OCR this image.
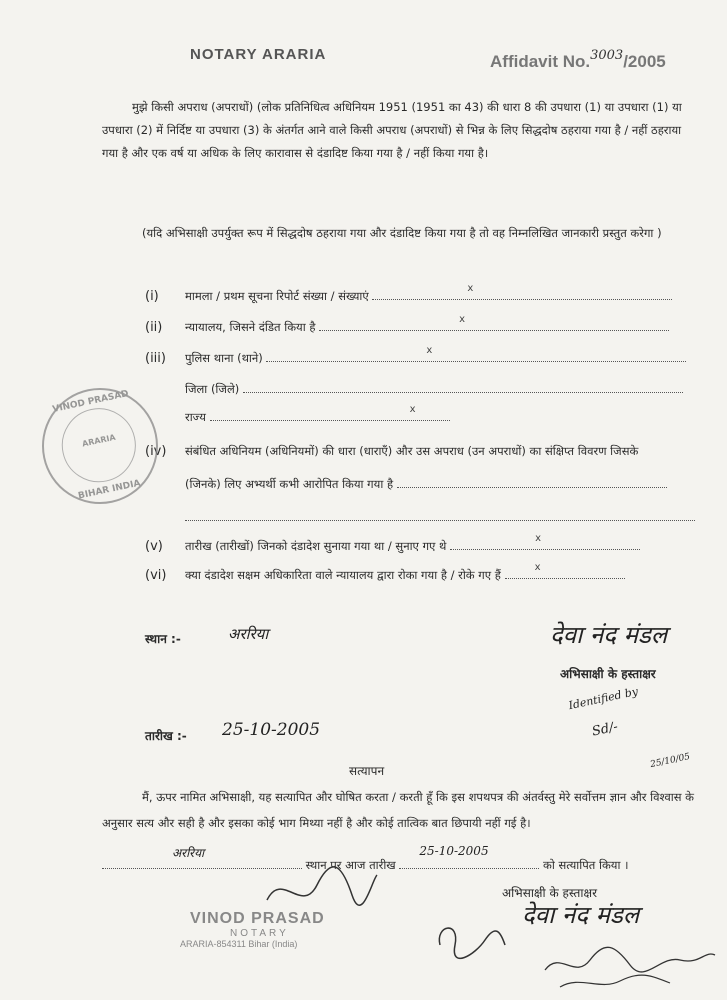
NOTARY ARARIA	Affidavit No.$^{3003}$/2005
मुझे किसी अपराध (अपराधों) (लोक प्रतिनिधित्व अधिनियम 1951 (1951 का 43) की धारा 8 की उपधारा (1) या उपधारा (1) या उपधारा (2) में निर्दिष्ट या उपधारा (3) के अंतर्गत आने वाले किसी अपराध (अपराधों) से भिन्न के लिए सिद्धदोष ठहराया गया है / नहीं ठहराया गया है और एक वर्ष या अधिक के लिए कारावास से दंडादिष्ट किया गया है / नहीं किया गया है।
(यदि अभिसाक्षी उपर्युक्त रूप में सिद्धदोष ठहराया गया और दंडादिष्ट किया गया है तो वह निम्नलिखित जानकारी प्रस्तुत करेगा )
(i) मामला / प्रथम सूचना रिपोर्ट संख्या / संख्याएं
x
(ii) न्यायालय, जिसने दंडित किया है
x
(iii) पुलिस थाना (थाने)
x
जिला (जिले)
राज्य
x
(iv) संबंधित अधिनियम (अधिनियमों) की धारा (धाराएँ) और उस अपराध (उन अपराधों) का संक्षिप्त विवरण जिसके
(जिनके) लिए अभ्यर्थी कभी आरोपित किया गया है
(v) तारीख (तारीखों) जिनको दंडादेश सुनाया गया था / सुनाए गए थे
x
(vi) क्या दंडादेश सक्षम अधिकारिता वाले न्यायालय द्वारा रोका गया है / रोके गए हैं
x
VINOD PRASAD
ARARIA
BIHAR INDIA
स्थान :-	अररिया	देवा नंद मंडल
अभिसाक्षी के हस्ताक्षर
Identified by
Sd/-
25/10/05
तारीख :- 25-10-2005
सत्यापन
मैं, ऊपर नामित अभिसाक्षी, यह सत्यापित और घोषित करता / करती हूँ कि इस शपथपत्र की अंतर्वस्तु मेरे सर्वोत्तम ज्ञान और विश्वास के अनुसार सत्य और सही है और इसका कोई भाग मिथ्या नहीं है और कोई तात्विक बात छिपायी नहीं गई है।
अररिया
स्थान पर आज तारीख
25-10-2005
को सत्यापित किया ।
अभिसाक्षी के हस्ताक्षर
देवा नंद मंडल
VINOD PRASAD
NOTARY
ARARIA-854311 Bihar (India)
